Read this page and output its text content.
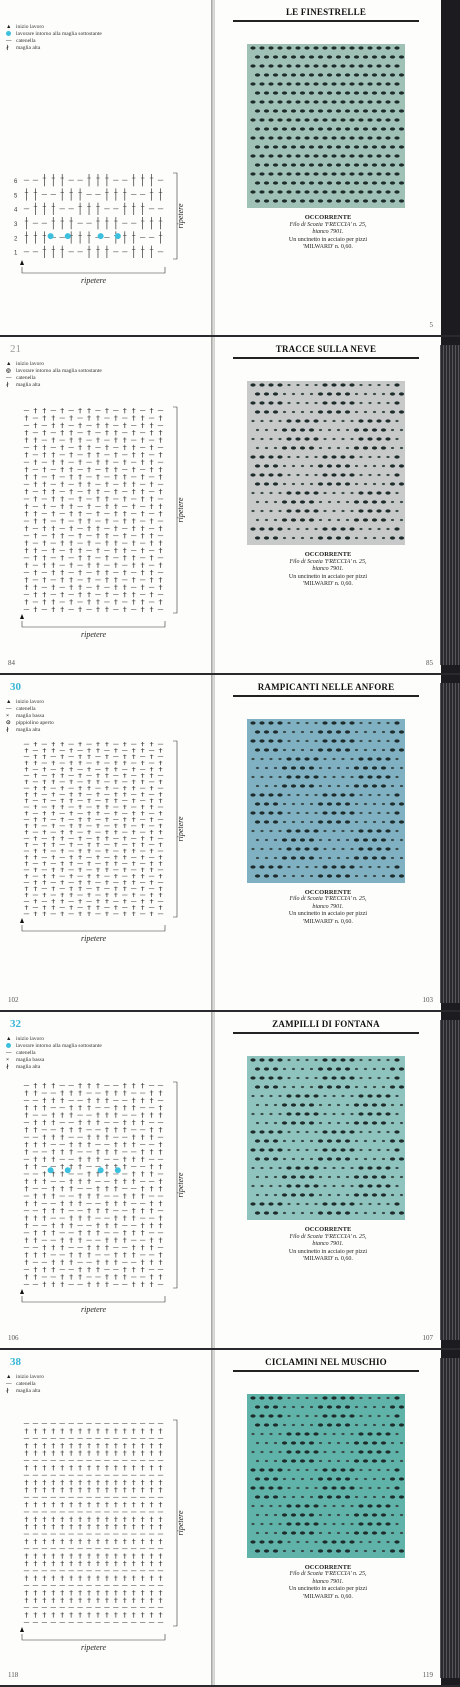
▲ inizio lavoro
lavorare intorno alla maglia sottostante
— catenella
∤ maglia alta
6
5
4
3
2
1
ripetere
ripetere
LE FINESTRELLE
OCCORRENTE
Filo di Scozia 'FRECCIA' n. 25,
bianco 7901.
Un uncinetto in acciaio per pizzi
'MILWARD' n. 0,60.
5
21
▲ inizio lavoro
◎ lavorare intorno alla maglia sottostante
— catenella
∤ maglia alta
ripetere
ripetere
84
TRACCE SULLA NEVE
OCCORRENTE
Filo di Scozia 'FRECCIA' n. 25,
bianco 7901.
Un uncinetto in acciaio per pizzi
'MILWARD' n. 0,60.
85
30
▲ inizio lavoro
— catenella
× maglia bassa
⊙ pippiolino aperto
∤ maglia alta
ripetere
ripetere
102
RAMPICANTI NELLE ANFORE
OCCORRENTE
Filo di Scozia 'FRECCIA' n. 25,
bianco 7901.
Un uncinetto in acciaio per pizzi
'MILWARD' n. 0,60.
103
32
▲ inizio lavoro
lavorare intorno alla maglia sottostante
— catenella
× maglia bassa
∤ maglia alta
ripetere
ripetere
106
ZAMPILLI DI FONTANA
OCCORRENTE
Filo di Scozia 'FRECCIA' n. 25,
bianco 7901.
Un uncinetto in acciaio per pizzi
'MILWARD' n. 0,60.
107
38
▲ inizio lavoro
— catenella
∤ maglia alta
ripetere
ripetere
118
CICLAMINI NEL MUSCHIO
OCCORRENTE
Filo di Scozia 'FRECCIA' n. 25,
bianco 7901.
Un uncinetto in acciaio per pizzi
'MILWARD' n. 0,60.
119
